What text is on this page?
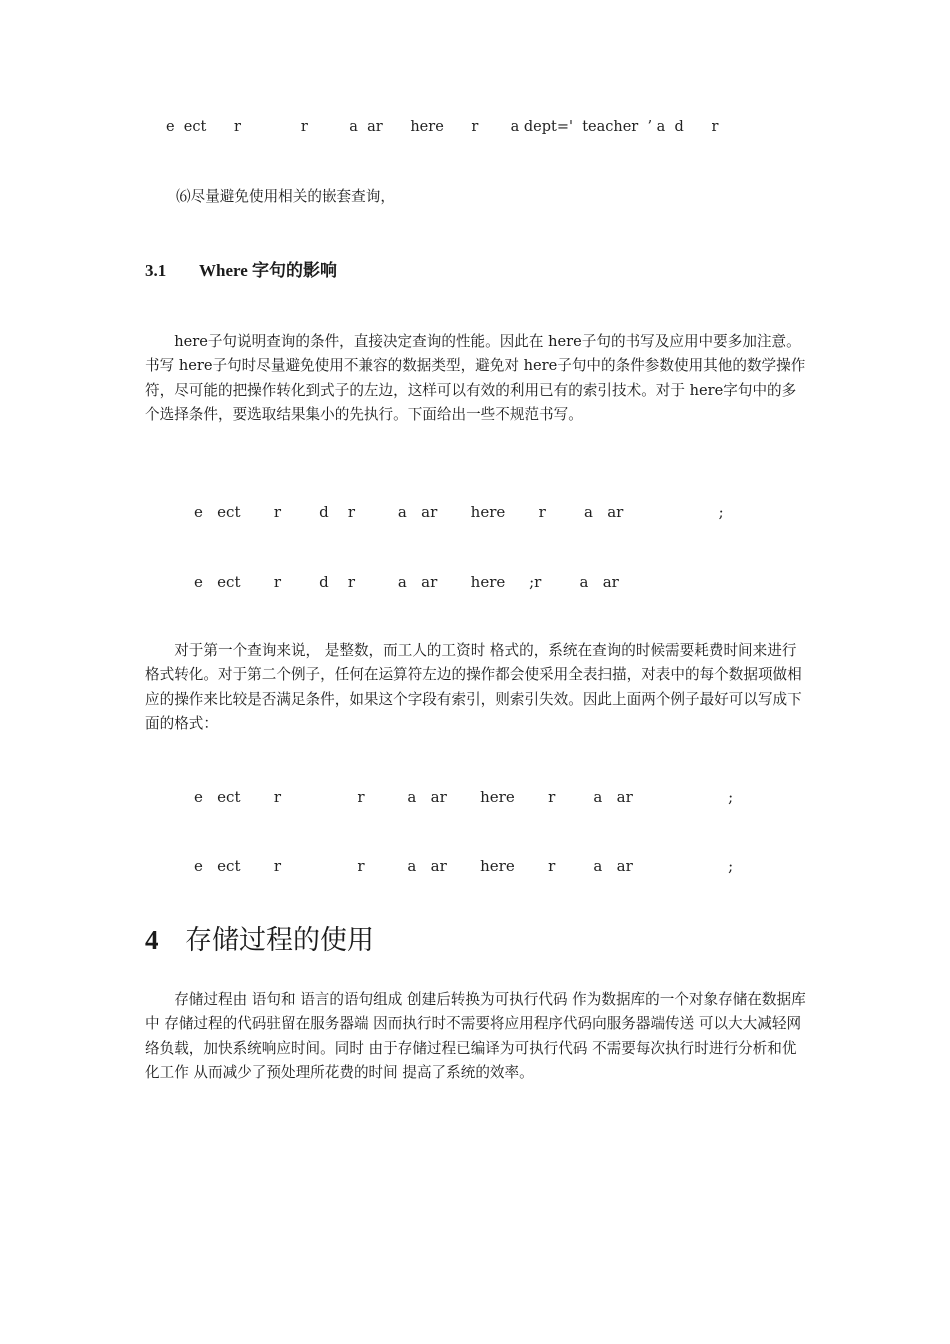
e  ect      r             r         a  ar      here      r       a dept='  teacher  ’ a  d      r

⑹尽量避免使用相关的嵌套查询，

3.1 Where 字句的影响

here子句说明查询的条件，直接决定查询的性能。因此在 here子句的书写及应用中要多加注意。书写 here子句时尽量避免使用不兼容的数据类型，避免对 here子句中的条件参数使用其他的数学操作符，尽可能的把操作转化到式子的左边，这样可以有效的利用已有的索引技术。对于 here字句中的多个选择条件，要选取结果集小的先执行。下面给出一些不规范书写。

e   ect       r        d    r         a   ar       here       r        a   ar                    ;
e   ect       r        d    r         a   ar       here     ;r        a   ar

对于第一个查询来说， 是整数，而工人的工资时 格式的，系统在查询的时候需要耗费时间来进行格式转化。对于第二个例子，任何在运算符左边的操作都会使采用全表扫描，对表中的每个数据项做相应的操作来比较是否满足条件，如果这个字段有索引，则索引失效。因此上面两个例子最好可以写成下面的格式：

e   ect       r                r         a   ar       here       r        a   ar                    ;
e   ect       r                r         a   ar       here       r        a   ar                    ;
4 存储过程的使用

存储过程由 语句和 语言的语句组成 创建后转换为可执行代码 作为数据库的一个对象存储在数据库中 存储过程的代码驻留在服务器端 因而执行时不需要将应用程序代码向服务器端传送 可以大大减轻网络负载，加快系统响应时间。同时 由于存储过程已编译为可执行代码 不需要每次执行时进行分析和优化工作 从而减少了预处理所花费的时间 提高了系统的效率。
